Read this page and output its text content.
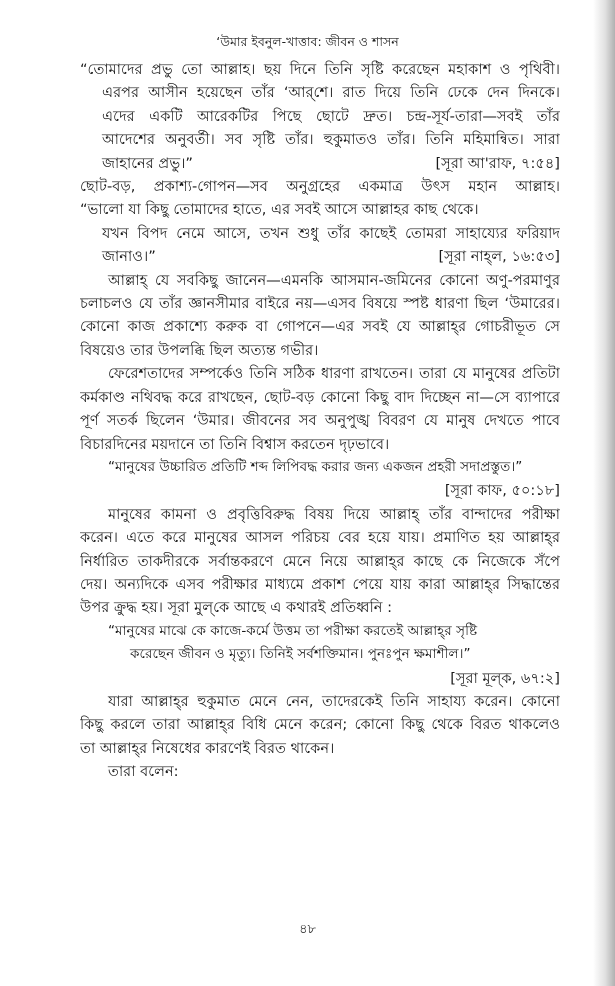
‘উমার ইবনুল-খাত্তাব: জীবন ও শাসন
“তোমাদের প্রভু তো আল্লাহ। ছয় দিনে তিনি সৃষ্টি করেছেন মহাকাশ ও পৃথিবী।
এরপর আসীন হয়েছেন তাঁর ‘আর্‌শে। রাত দিয়ে তিনি ঢেকে দেন দিনকে।
এদের একটি আরেকটির পিছে ছোটে দ্রুত। চন্দ্র-সূর্য-তারা—সবই তাঁর
আদেশের অনুবর্তী। সব সৃষ্টি তাঁর। হুকুমাতও তাঁর। তিনি মহিমান্বিত। সারা
জাহানের প্রভু।”	[সূরা আ'রাফ, ৭:৫৪]
ছোট-বড়, প্রকাশ্য-গোপন—সব অনুগ্রহের একমাত্র উৎস মহান আল্লাহ।
“ভালো যা কিছু তোমাদের হাতে, এর সবই আসে আল্লাহর কাছ থেকে।
যখন বিপদ নেমে আসে, তখন শুধু তাঁর কাছেই তোমরা সাহায্যের ফরিয়াদ
জানাও।”	[সূরা নাহ্‌ল, ১৬:৫৩]
আল্লাহ্ যে সবকিছু জানেন—এমনকি আসমান-জমিনের কোনো অণু-পরমাণুর
চলাচলও যে তাঁর জ্ঞানসীমার বাইরে নয়—এসব বিষয়ে স্পষ্ট ধারণা ছিল ‘উমারের।
কোনো কাজ প্রকাশ্যে করুক বা গোপনে—এর সবই যে আল্লাহ্‌র গোচরীভূত সে
বিষয়েও তার উপলব্ধি ছিল অত্যন্ত গভীর।
ফেরেশতাদের সম্পর্কেও তিনি সঠিক ধারণা রাখতেন। তারা যে মানুষের প্রতিটা
কর্মকাণ্ড নথিবদ্ধ করে রাখছেন, ছোট-বড় কোনো কিছু বাদ দিচ্ছেন না—সে ব্যাপারে
পূর্ণ সতর্ক ছিলেন ‘উমার। জীবনের সব অনুপুঙ্খ বিবরণ যে মানুষ দেখতে পাবে
বিচারদিনের ময়দানে তা তিনি বিশ্বাস করতেন দৃঢ়ভাবে।
“মানুষের উচ্চারিত প্রতিটি শব্দ লিপিবদ্ধ করার জন্য একজন প্রহরী সদাপ্রস্তুত।”
[সূরা কাফ, ৫০:১৮]
মানুষের কামনা ও প্রবৃত্তিবিরুদ্ধ বিষয় দিয়ে আল্লাহ্ তাঁর বান্দাদের পরীক্ষা
করেন। এতে করে মানুষের আসল পরিচয় বের হয়ে যায়। প্রমাণিত হয় আল্লাহ্‌র
নির্ধারিত তাকদীরকে সর্বান্তকরণে মেনে নিয়ে আল্লাহ্‌র কাছে কে নিজেকে সঁপে
দেয়। অন্যদিকে এসব পরীক্ষার মাধ্যমে প্রকাশ পেয়ে যায় কারা আল্লাহ্‌র সিদ্ধান্তের
উপর ক্রুদ্ধ হয়। সূরা মুল্‌কে আছে এ কথারই প্রতিধ্বনি :
“মানুষের মাঝে কে কাজে-কর্মে উত্তম তা পরীক্ষা করতেই আল্লাহ্‌র সৃষ্টি
করেছেন জীবন ও মৃত্যু। তিনিই সর্বশক্তিমান। পুনঃপুন ক্ষমাশীল।”
[সূরা মূল্‌ক, ৬৭:২]
যারা আল্লাহ্‌র হুকুমাত মেনে নেন, তাদেরকেই তিনি সাহায্য করেন। কোনো
কিছু করলে তারা আল্লাহ্‌র বিধি মেনে করেন; কোনো কিছু থেকে বিরত থাকলেও
তা আল্লাহ্‌র নিষেধের কারণেই বিরত থাকেন।
তারা বলেন:
৪৮
